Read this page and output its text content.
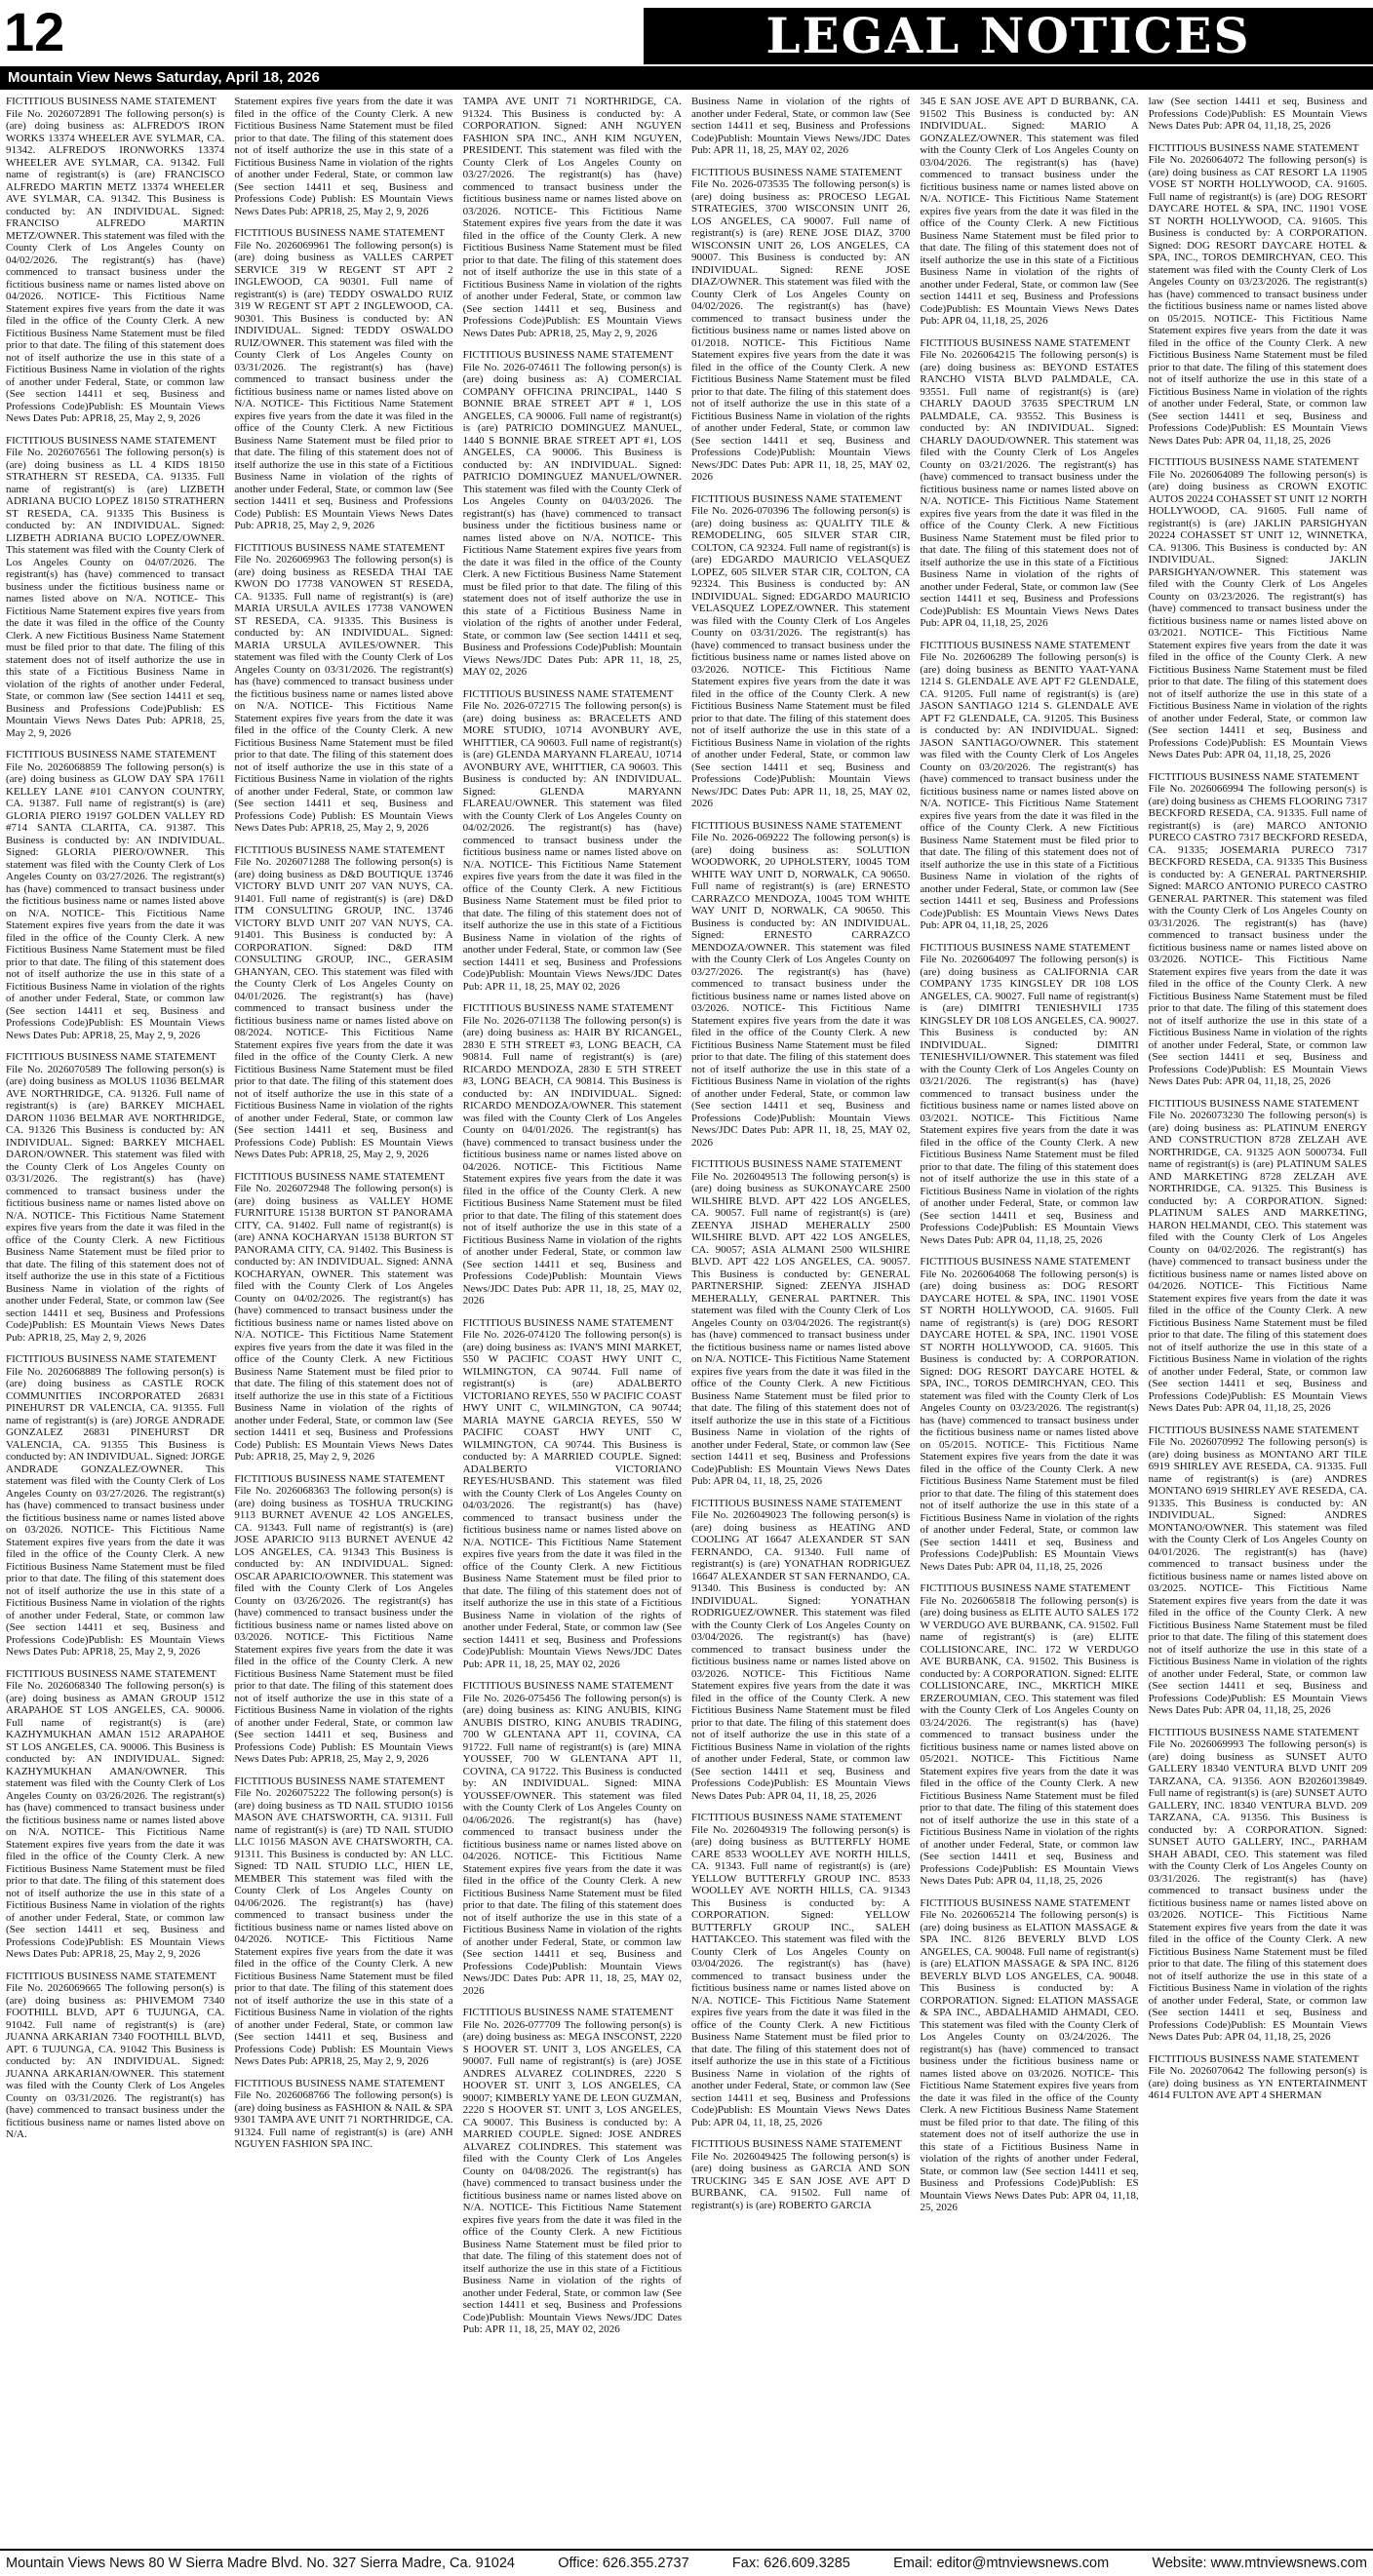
12	LEGAL NOTICES
Mountain View News Saturday, April 18, 2026
FICTITIOUS BUSINESS NAME STATEMENT
File No. 2026072891 The following person(s) is (are) doing business as: ALFREDO'S IRON WORKS 13374 WHEELER AVE SYLMAR, CA. 91342. ALFREDO'S IRONWORKS 13374 WHEELER AVE SYLMAR, CA. 91342. Full name of registrant(s) is (are) FRANCISCO ALFREDO MARTIN METZ 13374 WHEELER AVE SYLMAR, CA. 91342. This Business is conducted by: AN INDIVIDUAL. Signed: FRANCISO ALFREDO MARTIN METZ/OWNER. This statement was filed with the County Clerk of Los Angeles County on 04/02/2026. The registrant(s) has (have) commenced to transact business under the fictitious business name or names listed above on 04/2026. NOTICE- This Fictitious Name Statement expires five years from the date it was filed in the office of the County Clerk. A new Fictitious Business Name Statement must be filed prior to that date. The filing of this statement does not of itself authorize the use in this state of a Fictitious Business Name in violation of the rights of another under Federal, State, or common law (See section 14411 et seq, Business and Professions Code)Publish: ES Mountain Views News Dates Pub: APR18, 25, May 2, 9, 2026
FICTITIOUS BUSINESS NAME STATEMENT
File No. 2026076561 The following person(s) is (are) doing business as LL 4 KIDS 18150 STRATHERN ST RESEDA, CA. 91335. Full name of registrant(s) is (are) LIZBETH ADRIANA BUCIO LOPEZ 18150 STRATHERN ST RESEDA, CA. 91335 This Business is conducted by: AN INDIVIDUAL. Signed: LIZBETH ADRIANA BUCIO LOPEZ/OWNER. This statement was filed with the County Clerk of Los Angeles County on 04/07/2026. The registrant(s) has (have) commenced to transact business under the fictitious business name or names listed above on N/A. NOTICE- This Fictitious Name Statement expires five years from the date it was filed in the office of the County Clerk. A new Fictitious Business Name Statement must be filed prior to that date. The filing of this statement does not of itself authorize the use in this state of a Fictitious Business Name in violation of the rights of another under Federal, State, or common law (See section 14411 et seq, Business and Professions Code)Publish: ES Mountain Views News Dates Pub: APR18, 25, May 2, 9, 2026
FICTITIOUS BUSINESS NAME STATEMENT
File No. 2026068859 The following person(s) is (are) doing business as GLOW DAY SPA 17611 KELLEY LANE #101 CANYON COUNTRY, CA. 91387. Full name of registrant(s) is (are) GLORIA PIERO 19197 GOLDEN VALLEY RD #714 SANTA CLARITA, CA. 91387. This Business is conducted by: AN INDIVIDUAL. Signed: GLORIA PIERO/OWNER. This statement was filed with the County Clerk of Los Angeles County on 03/27/2026. The registrant(s) has (have) commenced to transact business under the fictitious business name or names listed above on N/A. NOTICE- This Fictitious Name Statement expires five years from the date it was filed in the office of the County Clerk. A new Fictitious Business Name Statement must be filed prior to that date. The filing of this statement does not of itself authorize the use in this state of a Fictitious Business Name in violation of the rights of another under Federal, State, or common law (See section 14411 et seq, Business and Professions Code)Publish: ES Mountain Views News Dates Pub: APR18, 25, May 2, 9, 2026
FICTITIOUS BUSINESS NAME STATEMENT
File No. 2026070589 The following person(s) is (are) doing business as MOLUS 11036 BELMAR AVE NORTHRIDGE, CA. 91326. Full name of registrant(s) is (are) BARKEY MICHAEL DARON 11036 BELMAR AVE NORTHRIDGE, CA. 91326 This Business is conducted by: AN INDIVIDUAL. Signed: BARKEY MICHAEL DARON/OWNER. This statement was filed with the County Clerk of Los Angeles County on 03/31/2026. The registrant(s) has (have) commenced to transact business under the fictitious business name or names listed above on N/A. NOTICE- This Fictitious Name Statement expires five years from the date it was filed in the office of the County Clerk. A new Fictitious Business Name Statement must be filed prior to that date. The filing of this statement does not of itself authorize the use in this state of a Fictitious Business Name in violation of the rights of another under Federal, State, or common law (See section 14411 et seq, Business and Professions Code)Publish: ES Mountain Views News Dates Pub: APR18, 25, May 2, 9, 2026
FICTITIOUS BUSINESS NAME STATEMENT
File No. 2026068889 The following person(s) is (are) doing business as CASTLE ROCK COMMUNITIES INCORPORATED 26831 PINEHURST DR VALENCIA, CA. 91355. Full name of registrant(s) is (are) JORGE ANDRADE GONZALEZ 26831 PINEHURST DR VALENCIA, CA. 91355 This Business is conducted by: AN INDIVIDUAL. Signed: JORGE ANDRADE GONZALEZ/OWNER. This statement was filed with the County Clerk of Los Angeles County on 03/27/2026. The registrant(s) has (have) commenced to transact business under the fictitious business name or names listed above on 03/2026. NOTICE- This Fictitious Name Statement expires five years from the date it was filed in the office of the County Clerk. A new Fictitious Business Name Statement must be filed prior to that date. The filing of this statement does not of itself authorize the use in this state of a Fictitious Business Name in violation of the rights of another under Federal, State, or common law (See section 14411 et seq, Business and Professions Code)Publish: ES Mountain Views News Dates Pub: APR18, 25, May 2, 9, 2026
FICTITIOUS BUSINESS NAME STATEMENT
File No. 2026068340 The following person(s) is (are) doing business as AMAN GROUP 1512 ARAPAHOE ST LOS ANGELES, CA. 90006. Full name of registrant(s) is (are) KAZHYMUKHAN AMAN 1512 ARAPAHOE ST LOS ANGELES, CA. 90006. This Business is conducted by: AN INDIVIDUAL. Signed: KAZHYMUKHAN AMAN/OWNER. This statement was filed with the County Clerk of Los Angeles County on 03/26/2026. The registrant(s) has (have) commenced to transact business under the fictitious business name or names listed above on N/A. NOTICE- This Fictitious Name Statement expires five years from the date it was filed in the office of the County Clerk. A new Fictitious Business Name Statement must be filed prior to that date. The filing of this statement does not of itself authorize the use in this state of a Fictitious Business Name in violation of the rights of another under Federal, State, or common law (See section 14411 et seq, Business and Professions Code)Publish: ES Mountain Views News Dates Pub: APR18, 25, May 2, 9, 2026
FICTITIOUS BUSINESS NAME STATEMENT
File No. 2026069665 The following person(s) is (are) doing business as: PHIVEMOM 7340 FOOTHILL BLVD, APT 6 TUJUNGA, CA. 91042. Full name of registrant(s) is (are) JUANNA ARKARIAN 7340 FOOTHILL BLVD, APT. 6 TUJUNGA, CA. 91042 This Business is conducted by: AN INDIVIDUAL. Signed: JUANNA ARKARIAN/OWNER. This statement was filed with the County Clerk of Los Angeles County on 03/31/2026. The registrant(s) has (have) commenced to transact business under the fictitious business name or names listed above on N/A.
Statement expires five years from the date it was filed in the office of the County Clerk. A new Fictitious Business Name Statement must be filed prior to that date. The filing of this statement does not of itself authorize the use in this state of a Fictitious Business Name in violation of the rights of another under Federal, State, or common law (See section 14411 et seq, Business and Professions Code) Publish: ES Mountain Views News Dates Pub: APR18, 25, May 2, 9, 2026
FICTITIOUS BUSINESS NAME STATEMENT
File No. 2026069961 The following person(s) is (are) doing business as VALLES CARPET SERVICE 319 W REGENT ST APT 2 INGLEWOOD, CA 90301. Full name of registrant(s) is (are) TEDDY OSWALDO RUIZ 319 W REGENT ST APT 2 INGLEWOOD, CA. 90301. This Business is conducted by: AN INDIVIDUAL. Signed: TEDDY OSWALDO RUIZ/OWNER. This statement was filed with the County Clerk of Los Angeles County on 03/31/2026. The registrant(s) has (have) commenced to transact business under the fictitious business name or names listed above on N/A. NOTICE- This Fictitious Name Statement expires five years from the date it was filed in the office of the County Clerk. A new Fictitious Business Name Statement must be filed prior to that date. The filing of this statement does not of itself authorize the use in this state of a Fictitious Business Name in violation of the rights of another under Federal, State, or common law (See section 14411 et seq, Business and Professions Code) Publish: ES Mountain Views News Dates Pub: APR18, 25, May 2, 9, 2026
FICTITIOUS BUSINESS NAME STATEMENT
File No. 2026069963 The following person(s) is (are) doing business as RESEDA THAI TAE KWON DO 17738 VANOWEN ST RESEDA, CA. 91335. Full name of registrant(s) is (are) MARIA URSULA AVILES 17738 VANOWEN ST RESEDA, CA. 91335. This Business is conducted by: AN INDIVIDUAL. Signed: MARIA URSULA AVILES/OWNER. This statement was filed with the County Clerk of Los Angeles County on 03/31/2026. The registrant(s) has (have) commenced to transact business under the fictitious business name or names listed above on N/A. NOTICE- This Fictitious Name Statement expires five years from the date it was filed in the office of the County Clerk. A new Fictitious Business Name Statement must be filed prior to that date. The filing of this statement does not of itself authorize the use in this state of a Fictitious Business Name in violation of the rights of another under Federal, State, or common law (See section 14411 et seq, Business and Professions Code) Publish: ES Mountain Views News Dates Pub: APR18, 25, May 2, 9, 2026
FICTITIOUS BUSINESS NAME STATEMENT
File No. 2026071288 The following person(s) is (are) doing business as D&D BOUTIQUE 13746 VICTORY BLVD UNIT 207 VAN NUYS, CA. 91401. Full name of registrant(s) is (are) D&D ITM CONSULTING GROUP, INC. 13746 VICTORY BLVD UNIT 207 VAN NUYS, CA. 91401. This Business is conducted by: A CORPORATION. Signed: D&D ITM CONSULTING GROUP, INC., GERASIM GHANYAN, CEO. This statement was filed with the County Clerk of Los Angeles County on 04/01/2026. The registrant(s) has (have) commenced to transact business under the fictitious business name or names listed above on 08/2024. NOTICE- This Fictitious Name Statement expires five years from the date it was filed in the office of the County Clerk. A new Fictitious Business Name Statement must be filed prior to that date. The filing of this statement does not of itself authorize the use in this state of a Fictitious Business Name in violation of the rights of another under Federal, State, or common law (See section 14411 et seq, Business and Professions Code) Publish: ES Mountain Views News Dates Pub: APR18, 25, May 2, 9, 2026
FICTITIOUS BUSINESS NAME STATEMENT
File No. 2026072948 The following person(s) is (are) doing business as VALLEY HOME FURNITURE 15138 BURTON ST PANORAMA CITY, CA. 91402. Full name of registrant(s) is (are) ANNA KOCHARYAN 15138 BURTON ST PANORAMA CITY, CA. 91402. This Business is conducted by: AN INDIVIDUAL. Signed: ANNA KOCHARYAN, OWNER. This statement was filed with the County Clerk of Los Angeles County on 04/02/2026. The registrant(s) has (have) commenced to transact business under the fictitious business name or names listed above on N/A. NOTICE- This Fictitious Name Statement expires five years from the date it was filed in the office of the County Clerk. A new Fictitious Business Name Statement must be filed prior to that date. The filing of this statement does not of itself authorize the use in this state of a Fictitious Business Name in violation of the rights of another under Federal, State, or common law (See section 14411 et seq, Business and Professions Code) Publish: ES Mountain Views News Dates Pub: APR18, 25, May 2, 9, 2026
FICTITIOUS BUSINESS NAME STATEMENT
File No. 2026068363 The following person(s) is (are) doing business as TOSHUA TRUCKING 9113 BURNET AVENUE 42 LOS ANGELES, CA. 91343. Full name of registrant(s) is (are) JOSE APARICIO 9113 BURNET AVENUE 42 LOS ANGELES, CA. 91343 This Business is conducted by: AN INDIVIDUAL. Signed: OSCAR APARICIO/OWNER. This statement was filed with the County Clerk of Los Angeles County on 03/26/2026. The registrant(s) has (have) commenced to transact business under the fictitious business name or names listed above on 03/2026. NOTICE- This Fictitious Name Statement expires five years from the date it was filed in the office of the County Clerk. A new Fictitious Business Name Statement must be filed prior to that date. The filing of this statement does not of itself authorize the use in this state of a Fictitious Business Name in violation of the rights of another under Federal, State, or common law (See section 14411 et seq, Business and Professions Code) Publish: ES Mountain Views News Dates Pub: APR18, 25, May 2, 9, 2026
FICTITIOUS BUSINESS NAME STATEMENT
File No. 2026075222 The following person(s) is (are) doing business as TD NAIL STUDIO 10156 MASON AVE CHATSWORTH, CA. 91311. Full name of registrant(s) is (are) TD NAIL STUDIO LLC 10156 MASON AVE CHATSWORTH, CA. 91311. This Business is conducted by: AN LLC. Signed: TD NAIL STUDIO LLC, HIEN LE, MEMBER This statement was filed with the County Clerk of Los Angeles County on 04/06/2026. The registrant(s) has (have) commenced to transact business under the fictitious business name or names listed above on 04/2026. NOTICE- This Fictitious Name Statement expires five years from the date it was filed in the office of the County Clerk. A new Fictitious Business Name Statement must be filed prior to that date. The filing of this statement does not of itself authorize the use in this state of a Fictitious Business Name in violation of the rights of another under Federal, State, or common law (See section 14411 et seq, Business and Professions Code) Publish: ES Mountain Views News Dates Pub: APR18, 25, May 2, 9, 2026
FICTITIOUS BUSINESS NAME STATEMENT
File No. 2026068766 The following person(s) is (are) doing business as FASHION & NAIL & SPA 9301 TAMPA AVE UNIT 71 NORTHRIDGE, CA. 91324. Full name of registrant(s) is (are) ANH NGUYEN FASHION SPA INC.
TAMPA AVE UNIT 71 NORTHRIDGE, CA. 91324. This Business is conducted by: A CORPORATION. Signed: ANH NGUYEN FASHION SPA INC., ANH KIM NGUYEN, PRESIDENT. This statement was filed with the County Clerk of Los Angeles County on 03/27/2026. The registrant(s) has (have) commenced to transact business under the fictitious business name or names listed above on 03/2026. NOTICE- This Fictitious Name Statement expires five years from the date it was filed in the office of the County Clerk. A new Fictitious Business Name Statement must be filed prior to that date. The filing of this statement does not of itself authorize the use in this state of a Fictitious Business Name in violation of the rights of another under Federal, State, or common law (See section 14411 et seq, Business and Professions Code)Publish: ES Mountain Views News Dates Pub: APR18, 25, May 2, 9, 2026
FICTITIOUS BUSINESS NAME STATEMENT
File No. 2026-074611 The following person(s) is (are) doing business as: A) COMERCIAL COMPANY OFFICINA PRINCIPAL, 1440 S BONNIE BRAE STREET APT # 1, LOS ANGELES, CA 90006. Full name of registrant(s) is (are) PATRICIO DOMINGUEZ MANUEL, 1440 S BONNIE BRAE STREET APT #1, LOS ANGELES, CA 90006. This Business is conducted by: AN INDIVIDUAL. Signed: PATRICIO DOMINGUEZ MANUEL/OWNER. This statement was filed with the County Clerk of Los Angeles County on 04/03/2026. The registrant(s) has (have) commenced to transact business under the fictitious business name or names listed above on N/A. NOTICE- This Fictitious Name Statement expires five years from the date it was filed in the office of the County Clerk. A new Fictitious Business Name Statement must be filed prior to that date. The filing of this statement does not of itself authorize the use in this state of a Fictitious Business Name in violation of the rights of another under Federal, State, or common law (See section 14411 et seq, Business and Professions Code)Publish: Mountain Views News/JDC Dates Pub: APR 11, 18, 25, MAY 02, 2026
FICTITIOUS BUSINESS NAME STATEMENT
File No. 2026-072715 The following person(s) is (are) doing business as: BRACELETS AND MORE STUDIO, 10714 AVONBURY AVE, WHITTIER, CA 90603. Full name of registrant(s) is (are) GLENDA MARYANN FLAREAU, 10714 AVONBURY AVE, WHITTIER, CA 90603. This Business is conducted by: AN INDIVIDUAL. Signed: GLENDA MARYANN FLAREAU/OWNER. This statement was filed with the County Clerk of Los Angeles County on 04/02/2026. The registrant(s) has (have) commenced to transact business under the fictitious business name or names listed above on N/A. NOTICE- This Fictitious Name Statement expires five years from the date it was filed in the office of the County Clerk. A new Fictitious Business Name Statement must be filed prior to that date. The filing of this statement does not of itself authorize the use in this state of a Fictitious Business Name in violation of the rights of another under Federal, State, or common law (See section 14411 et seq, Business and Professions Code)Publish: Mountain Views News/JDC Dates Pub: APR 11, 18, 25, MAY 02, 2026
FICTITIOUS BUSINESS NAME STATEMENT
File No. 2026-071138 The following person(s) is (are) doing business as: HAIR BY RICANGEL, 2830 E 5TH STREET #3, LONG BEACH, CA 90814. Full name of registrant(s) is (are) RICARDO MENDOZA, 2830 E 5TH STREET #3, LONG BEACH, CA 90814. This Business is conducted by: AN INDIVIDUAL. Signed: RICARDO MENDOZA/OWNER. This statement was filed with the County Clerk of Los Angeles County on 04/01/2026. The registrant(s) has (have) commenced to transact business under the fictitious business name or names listed above on 04/2026. NOTICE- This Fictitious Name Statement expires five years from the date it was filed in the office of the County Clerk. A new Fictitious Business Name Statement must be filed prior to that date. The filing of this statement does not of itself authorize the use in this state of a Fictitious Business Name in violation of the rights of another under Federal, State, or common law (See section 14411 et seq, Business and Professions Code)Publish: Mountain Views News/JDC Dates Pub: APR 11, 18, 25, MAY 02, 2026
FICTITIOUS BUSINESS NAME STATEMENT
File No. 2026-074120 The following person(s) is (are) doing business as: IVAN'S MINI MARKET, 550 W PACIFIC COAST HWY UNIT C, WILMINGTON, CA 90744. Full name of registrant(s) is (are) ADALBERTO VICTORIANO REYES, 550 W PACIFIC COAST HWY UNIT C, WILMINGTON, CA 90744; MARIA MAYNE GARCIA REYES, 550 W PACIFIC COAST HWY UNIT C, WILMINGTON, CA 90744. This Business is conducted by: A MARRIED COUPLE. Signed: ADALBERTO VICTORIANO REYES/HUSBAND. This statement was filed with the County Clerk of Los Angeles County on 04/03/2026. The registrant(s) has (have) commenced to transact business under the fictitious business name or names listed above on N/A. NOTICE- This Fictitious Name Statement expires five years from the date it was filed in the office of the County Clerk. A new Fictitious Business Name Statement must be filed prior to that date. The filing of this statement does not of itself authorize the use in this state of a Fictitious Business Name in violation of the rights of another under Federal, State, or common law (See section 14411 et seq, Business and Professions Code)Publish: Mountain Views News/JDC Dates Pub: APR 11, 18, 25, MAY 02, 2026
FICTITIOUS BUSINESS NAME STATEMENT
File No. 2026-075456 The following person(s) is (are) doing business as: KING ANUBIS, KING ANUBIS DISTRO, KING ANUBIS TRADING, 700 W GLENTANA APT 11, COVINA, CA 91722. Full name of registrant(s) is (are) MINA YOUSSEF, 700 W GLENTANA APT 11, COVINA, CA 91722. This Business is conducted by: AN INDIVIDUAL. Signed: MINA YOUSSEF/OWNER. This statement was filed with the County Clerk of Los Angeles County on 04/06/2026. The registrant(s) has (have) commenced to transact business under the fictitious business name or names listed above on 04/2026. NOTICE- This Fictitious Name Statement expires five years from the date it was filed in the office of the County Clerk. A new Fictitious Business Name Statement must be filed prior to that date. The filing of this statement does not of itself authorize the use in this state of a Fictitious Business Name in violation of the rights of another under Federal, State, or common law (See section 14411 et seq, Business and Professions Code)Publish: Mountain Views News/JDC Dates Pub: APR 11, 18, 25, MAY 02, 2026
FICTITIOUS BUSINESS NAME STATEMENT
File No. 2026-077709 The following person(s) is (are) doing business as: MEGA INSCONST, 2220 S HOOVER ST. UNIT 3, LOS ANGELES, CA 90007. Full name of registrant(s) is (are) JOSE ANDRES ALVAREZ COLINDRES, 2220 S HOOVER ST. UNIT 3, LOS ANGELES, CA 90007; KIMBERLY YANE DE LEON GUZMAN, 2220 S HOOVER ST. UNIT 3, LOS ANGELES, CA 90007. This Business is conducted by: A MARRIED COUPLE. Signed: JOSE ANDRES ALVAREZ COLINDRES. This statement was filed with the County Clerk of Los Angeles County on 04/08/2026. The registrant(s) has (have) commenced to transact business under the fictitious business name or names listed above on N/A. NOTICE- This Fictitious Name Statement expires five years from the date it was filed in the office of the County Clerk. A new Fictitious Business Name Statement must be filed prior to that date. The filing of this statement does not of itself authorize the use in this state of a Fictitious Business Name in violation of the rights of another under Federal, State, or common law (See section 14411 et seq, Business and Professions Code)Publish: Mountain Views News/JDC Dates Pub: APR 11, 18, 25, MAY 02, 2026
Business Name in violation of the rights of another under Federal, State, or common law (See section 14411 et seq, Business and Professions Code)Publish: Mountain Views News/JDC Dates Pub: APR 11, 18, 25, MAY 02, 2026
FICTITIOUS BUSINESS NAME STATEMENT
File No. 2026-073535 The following person(s) is (are) doing business as: PROCESO LEGAL STRATEGIES, 3700 WISCONSIN UNIT 26, LOS ANGELES, CA 90007. Full name of registrant(s) is (are) RENE JOSE DIAZ, 3700 WISCONSIN UNIT 26, LOS ANGELES, CA 90007. This Business is conducted by: AN INDIVIDUAL. Signed: RENE JOSE DIAZ/OWNER. This statement was filed with the County Clerk of Los Angeles County on 04/02/2026. The registrant(s) has (have) commenced to transact business under the fictitious business name or names listed above on 01/2018. NOTICE- This Fictitious Name Statement expires five years from the date it was filed in the office of the County Clerk. A new Fictitious Business Name Statement must be filed prior to that date. The filing of this statement does not of itself authorize the use in this state of a Fictitious Business Name in violation of the rights of another under Federal, State, or common law (See section 14411 et seq, Business and Professions Code)Publish: Mountain Views News/JDC Dates Pub: APR 11, 18, 25, MAY 02, 2026
FICTITIOUS BUSINESS NAME STATEMENT
File No. 2026-070396 The following person(s) is (are) doing business as: QUALITY TILE & REMODELING, 605 SILVER STAR CIR, COLTON, CA 92324. Full name of registrant(s) is (are) EDGARDO MAURICIO VELASQUEZ LOPEZ, 605 SILVER STAR CIR, COLTON, CA 92324. This Business is conducted by: AN INDIVIDUAL. Signed: EDGARDO MAURICIO VELASQUEZ LOPEZ/OWNER. This statement was filed with the County Clerk of Los Angeles County on 03/31/2026. The registrant(s) has (have) commenced to transact business under the fictitious business name or names listed above on 03/2026. NOTICE- This Fictitious Name Statement expires five years from the date it was filed in the office of the County Clerk. A new Fictitious Business Name Statement must be filed prior to that date. The filing of this statement does not of itself authorize the use in this state of a Fictitious Business Name in violation of the rights of another under Federal, State, or common law (See section 14411 et seq, Business and Professions Code)Publish: Mountain Views News/JDC Dates Pub: APR 11, 18, 25, MAY 02, 2026
FICTITIOUS BUSINESS NAME STATEMENT
File No. 2026-069222 The following person(s) is (are) doing business as: SOLUTION WOODWORK, 20 UPHOLSTERY, 10045 TOM WHITE WAY UNIT D, NORWALK, CA 90650. Full name of registrant(s) is (are) ERNESTO CARRAZCO MENDOZA, 10045 TOM WHITE WAY UNIT D, NORWALK, CA 90650. This Business is conducted by: AN INDIVIDUAL. Signed: ERNESTO CARRAZCO MENDOZA/OWNER. This statement was filed with the County Clerk of Los Angeles County on 03/27/2026. The registrant(s) has (have) commenced to transact business under the fictitious business name or names listed above on 03/2026. NOTICE- This Fictitious Name Statement expires five years from the date it was filed in the office of the County Clerk. A new Fictitious Business Name Statement must be filed prior to that date. The filing of this statement does not of itself authorize the use in this state of a Fictitious Business Name in violation of the rights of another under Federal, State, or common law (See section 14411 et seq, Business and Professions Code)Publish: Mountain Views News/JDC Dates Pub: APR 11, 18, 25, MAY 02, 2026
FICTITIOUS BUSINESS NAME STATEMENT
File No. 2026049513 The following person(s) is (are) doing business as SUKONAYCARE 2500 WILSHIRE BLVD. APT 422 LOS ANGELES, CA. 90057. Full name of registrant(s) is (are) ZEENYA JISHAD MEHERALLY 2500 WILSHIRE BLVD. APT 422 LOS ANGELES, CA. 90057; ASIA ALMANI 2500 WILSHIRE BLVD. APT 422 LOS ANGELES, CA. 90057. This Business is conducted by: GENERAL PARTNERSHIP. Signed: ZEENYA JISHAD MEHERALLY, GENERAL PARTNER. This statement was filed with the County Clerk of Los Angeles County on 03/04/2026. The registrant(s) has (have) commenced to transact business under the fictitious business name or names listed above on N/A. NOTICE- This Fictitious Name Statement expires five years from the date it was filed in the office of the County Clerk. A new Fictitious Business Name Statement must be filed prior to that date. The filing of this statement does not of itself authorize the use in this state of a Fictitious Business Name in violation of the rights of another under Federal, State, or common law (See section 14411 et seq, Business and Professions Code)Publish: ES Mountain Views News Dates Pub: APR 04, 11, 18, 25, 2026
FICTITIOUS BUSINESS NAME STATEMENT
File No. 2026049023 The following person(s) is (are) doing business as HEATING AND COOLING AT 16647 ALEXANDER ST SAN FERNANDO, CA. 91340. Full name of registrant(s) is (are) YONATHAN RODRIGUEZ 16647 ALEXANDER ST SAN FERNANDO, CA. 91340. This Business is conducted by: AN INDIVIDUAL. Signed: YONATHAN RODRIGUEZ/OWNER. This statement was filed with the County Clerk of Los Angeles County on 03/04/2026. The registrant(s) has (have) commenced to transact business under the fictitious business name or names listed above on 03/2026. NOTICE- This Fictitious Name Statement expires five years from the date it was filed in the office of the County Clerk. A new Fictitious Business Name Statement must be filed prior to that date. The filing of this statement does not of itself authorize the use in this state of a Fictitious Business Name in violation of the rights of another under Federal, State, or common law (See section 14411 et seq, Business and Professions Code)Publish: ES Mountain Views News Dates Pub: APR 04, 11, 18, 25, 2026
FICTITIOUS BUSINESS NAME STATEMENT
File No. 2026049319 The following person(s) is (are) doing business as BUTTERFLY HOME CARE 8533 WOOLLEY AVE NORTH HILLS, CA. 91343. Full name of registrant(s) is (are) YELLOW BUTTERFLY GROUP INC. 8533 WOOLLEY AVE NORTH HILLS, CA. 91343 This Business is conducted by: A CORPORATION. Signed: YELLOW BUTTERFLY GROUP INC., SALEH HATTAKCEO. This statement was filed with the County Clerk of Los Angeles County on 03/04/2026. The registrant(s) has (have) commenced to transact business under the fictitious business name or names listed above on N/A. NOTICE- This Fictitious Name Statement expires five years from the date it was filed in the office of the County Clerk. A new Fictitious Business Name Statement must be filed prior to that date. The filing of this statement does not of itself authorize the use in this state of a Fictitious Business Name in violation of the rights of another under Federal, State, or common law (See section 14411 et seq, Business and Professions Code)Publish: ES Mountain Views News Dates Pub: APR 04, 11, 18, 25, 2026
FICTITIOUS BUSINESS NAME STATEMENT
File No. 2026049425 The following person(s) is (are) doing business as GARCIA AND SON TRUCKING 345 E SAN JOSE AVE APT D BURBANK, CA. 91502. Full name of registrant(s) is (are) ROBERTO GARCIA
345 E SAN JOSE AVE APT D BURBANK, CA. 91502 This Business is conducted by: AN INDIVIDUAL. Signed: MARIO A GONZALEZ/OWNER. This statement was filed with the County Clerk of Los Angeles County on 03/04/2026. The registrant(s) has (have) commenced to transact business under the fictitious business name or names listed above on N/A. NOTICE- This Fictitious Name Statement expires five years from the date it was filed in the office of the County Clerk. A new Fictitious Business Name Statement must be filed prior to that date. The filing of this statement does not of itself authorize the use in this state of a Fictitious Business Name in violation of the rights of another under Federal, State, or common law (See section 14411 et seq, Business and Professions Code)Publish: ES Mountain Views News Dates Pub: APR 04, 11,18, 25, 2026
FICTITIOUS BUSINESS NAME STATEMENT
File No. 2026064215 The following person(s) is (are) doing business as: BEYOND ESTATES RANCHO VISTA BLVD PALMDALE, CA. 93551. Full name of registrant(s) is (are) CHARLY DAOUD 37635 SPECTRUM LN PALMDALE, CA. 93552. This Business is conducted by: AN INDIVIDUAL. Signed: CHARLY DAOUD/OWNER. This statement was filed with the County Clerk of Los Angeles County on 03/21/2026. The registrant(s) has (have) commenced to transact business under the fictitious business name or names listed above on N/A. NOTICE- This Fictitious Name Statement expires five years from the date it was filed in the office of the County Clerk. A new Fictitious Business Name Statement must be filed prior to that date. The filing of this statement does not of itself authorize the use in this state of a Fictitious Business Name in violation of the rights of another under Federal, State, or common law (See section 14411 et seq, Business and Professions Code)Publish: ES Mountain Views News Dates Pub: APR 04, 11,18, 25, 2026
FICTITIOUS BUSINESS NAME STATEMENT
File No. 202606289 The following person(s) is (are) doing business as BENITO YAAT-YANA 1214 S. GLENDALE AVE APT F2 GLENDALE, CA. 91205. Full name of registrant(s) is (are) JASON SANTIAGO 1214 S. GLENDALE AVE APT F2 GLENDALE, CA. 91205. This Business is conducted by: AN INDIVIDUAL. Signed: JASON SANTIAGO/OWNER. This statement was filed with the County Clerk of Los Angeles County on 03/20/2026. The registrant(s) has (have) commenced to transact business under the fictitious business name or names listed above on N/A. NOTICE- This Fictitious Name Statement expires five years from the date it was filed in the office of the County Clerk. A new Fictitious Business Name Statement must be filed prior to that date. The filing of this statement does not of itself authorize the use in this state of a Fictitious Business Name in violation of the rights of another under Federal, State, or common law (See section 14411 et seq, Business and Professions Code)Publish: ES Mountain Views News Dates Pub: APR 04, 11,18, 25, 2026
FICTITIOUS BUSINESS NAME STATEMENT
File No. 2026064097 The following person(s) is (are) doing business as CALIFORNIA CAR COMPANY 1735 KINGSLEY DR 108 LOS ANGELES, CA. 90027. Full name of registrant(s) is (are) DIMITRI TENIESHVILI 1735 KINGSLEY DR 108 LOS ANGELES, CA. 90027. This Business is conducted by: AN INDIVIDUAL. Signed: DIMITRI TENIESHVILI/OWNER. This statement was filed with the County Clerk of Los Angeles County on 03/21/2026. The registrant(s) has (have) commenced to transact business under the fictitious business name or names listed above on 03/2021. NOTICE- This Fictitious Name Statement expires five years from the date it was filed in the office of the County Clerk. A new Fictitious Business Name Statement must be filed prior to that date. The filing of this statement does not of itself authorize the use in this state of a Fictitious Business Name in violation of the rights of another under Federal, State, or common law (See section 14411 et seq, Business and Professions Code)Publish: ES Mountain Views News Dates Pub: APR 04, 11,18, 25, 2026
FICTITIOUS BUSINESS NAME STATEMENT
File No. 2026064068 The following person(s) is (are) doing business as: DOG RESORT DAYCARE HOTEL & SPA, INC. 11901 VOSE ST NORTH HOLLYWOOD, CA. 91605. Full name of registrant(s) is (are) DOG RESORT DAYCARE HOTEL & SPA, INC. 11901 VOSE ST NORTH HOLLYWOOD, CA. 91605. This Business is conducted by: A CORPORATION. Signed: DOG RESORT DAYCARE HOTEL & SPA, INC., TOROS DEMIRCHYAN, CEO. This statement was filed with the County Clerk of Los Angeles County on 03/23/2026. The registrant(s) has (have) commenced to transact business under the fictitious business name or names listed above on 05/2015. NOTICE- This Fictitious Name Statement expires five years from the date it was filed in the office of the County Clerk. A new Fictitious Business Name Statement must be filed prior to that date. The filing of this statement does not of itself authorize the use in this state of a Fictitious Business Name in violation of the rights of another under Federal, State, or common law (See section 14411 et seq, Business and Professions Code)Publish: ES Mountain Views News Dates Pub: APR 04, 11,18, 25, 2026
FICTITIOUS BUSINESS NAME STATEMENT
File No. 2026065818 The following person(s) is (are) doing business as ELITE AUTO SALES 172 W VERDUGO AVE BURBANK, CA. 91502. Full name of registrant(s) is (are) ELITE COLLISIONCARE, INC. 172 W VERDUGO AVE BURBANK, CA. 91502. This Business is conducted by: A CORPORATION. Signed: ELITE COLLISIONCARE, INC., MKRTICH MIKE ERZEROUMIAN, CEO. This statement was filed with the County Clerk of Los Angeles County on 03/24/2026. The registrant(s) has (have) commenced to transact business under the fictitious business name or names listed above on 05/2021. NOTICE- This Fictitious Name Statement expires five years from the date it was filed in the office of the County Clerk. A new Fictitious Business Name Statement must be filed prior to that date. The filing of this statement does not of itself authorize the use in this state of a Fictitious Business Name in violation of the rights of another under Federal, State, or common law (See section 14411 et seq, Business and Professions Code)Publish: ES Mountain Views News Dates Pub: APR 04, 11,18, 25, 2026
FICTITIOUS BUSINESS NAME STATEMENT
File No. 2026065214 The following person(s) is (are) doing business as ELATION MASSAGE & SPA INC. 8126 BEVERLY BLVD LOS ANGELES, CA. 90048. Full name of registrant(s) is (are) ELATION MASSAGE & SPA INC. 8126 BEVERLY BLVD LOS ANGELES, CA. 90048. This Business is conducted by: A CORPORATION. Signed: ELATION MASSAGE & SPA INC., ABDALHAMID AHMADI, CEO. This statement was filed with the County Clerk of Los Angeles County on 03/24/2026. The registrant(s) has (have) commenced to transact business under the fictitious business name or names listed above on 03/2026. NOTICE- This Fictitious Name Statement expires five years from the date it was filed in the office of the County Clerk. A new Fictitious Business Name Statement must be filed prior to that date. The filing of this statement does not of itself authorize the use in this state of a Fictitious Business Name in violation of the rights of another under Federal, State, or common law (See section 14411 et seq, Business and Professions Code)Publish: ES Mountain Views News Dates Pub: APR 04, 11,18, 25, 2026
law (See section 14411 et seq, Business and Professions Code)Publish: ES Mountain Views News Dates Pub: APR 04, 11,18, 25, 2026
FICTITIOUS BUSINESS NAME STATEMENT
File No. 2026064072 The following person(s) is (are) doing business as CAT RESORT LA 11905 VOSE ST NORTH HOLLYWOOD, CA. 91605. Full name of registrant(s) is (are) DOG RESORT DAYCARE HOTEL & SPA, INC. 11901 VOSE ST NORTH HOLLYWOOD, CA. 91605. This Business is conducted by: A CORPORATION. Signed: DOG RESORT DAYCARE HOTEL & SPA, INC., TOROS DEMIRCHYAN, CEO. This statement was filed with the County Clerk of Los Angeles County on 03/23/2026. The registrant(s) has (have) commenced to transact business under the fictitious business name or names listed above on 05/2015. NOTICE- This Fictitious Name Statement expires five years from the date it was filed in the office of the County Clerk. A new Fictitious Business Name Statement must be filed prior to that date. The filing of this statement does not of itself authorize the use in this state of a Fictitious Business Name in violation of the rights of another under Federal, State, or common law (See section 14411 et seq, Business and Professions Code)Publish: ES Mountain Views News Dates Pub: APR 04, 11,18, 25, 2026
FICTITIOUS BUSINESS NAME STATEMENT
File No. 2026064089 The following person(s) is (are) doing business as CROWN EXOTIC AUTOS 20224 COHASSET ST UNIT 12 NORTH HOLLYWOOD, CA. 91605. Full name of registrant(s) is (are) JAKLIN PARSIGHYAN 20224 COHASSET ST UNIT 12, WINNETKA, CA. 91306. This Business is conducted by: AN INDIVIDUAL. Signed: JAKLIN PARSIGHYAN/OWNER. This statement was filed with the County Clerk of Los Angeles County on 03/23/2026. The registrant(s) has (have) commenced to transact business under the fictitious business name or names listed above on 03/2021. NOTICE- This Fictitious Name Statement expires five years from the date it was filed in the office of the County Clerk. A new Fictitious Business Name Statement must be filed prior to that date. The filing of this statement does not of itself authorize the use in this state of a Fictitious Business Name in violation of the rights of another under Federal, State, or common law (See section 14411 et seq, Business and Professions Code)Publish: ES Mountain Views News Dates Pub: APR 04, 11,18, 25, 2026
FICTITIOUS BUSINESS NAME STATEMENT
File No. 2026066994 The following person(s) is (are) doing business as CHEMS FLOORING 7317 BECKFORD RESEDA, CA. 91335. Full name of registrant(s) is (are) MARCO ANTONIO PURECO CASTRO 7317 BECKFORD RESEDA, CA. 91335; JOSEMARIA PURECO 7317 BECKFORD RESEDA, CA. 91335 This Business is conducted by: A GENERAL PARTNERSHIP. Signed: MARCO ANTONIO PURECO CASTRO GENERAL PARTNER. This statement was filed with the County Clerk of Los Angeles County on 03/31/2026. The registrant(s) has (have) commenced to transact business under the fictitious business name or names listed above on 03/2026. NOTICE- This Fictitious Name Statement expires five years from the date it was filed in the office of the County Clerk. A new Fictitious Business Name Statement must be filed prior to that date. The filing of this statement does not of itself authorize the use in this state of a Fictitious Business Name in violation of the rights of another under Federal, State, or common law (See section 14411 et seq, Business and Professions Code)Publish: ES Mountain Views News Dates Pub: APR 04, 11,18, 25, 2026
FICTITIOUS BUSINESS NAME STATEMENT
File No. 2026073230 The following person(s) is (are) doing business as: PLATINUM ENERGY AND CONSTRUCTION 8728 ZELZAH AVE NORTHRIDGE, CA. 91325 AON 5000734. Full name of registrant(s) is (are) PLATINUM SALES AND MARKETING 8728 ZELZAH AVE NORTHRIDGE, CA. 91325. This Business is conducted by: A CORPORATION. Signed: PLATINUM SALES AND MARKETING, HARON HELMANDI, CEO. This statement was filed with the County Clerk of Los Angeles County on 04/02/2026. The registrant(s) has (have) commenced to transact business under the fictitious business name or names listed above on 04/2026. NOTICE- This Fictitious Name Statement expires five years from the date it was filed in the office of the County Clerk. A new Fictitious Business Name Statement must be filed prior to that date. The filing of this statement does not of itself authorize the use in this state of a Fictitious Business Name in violation of the rights of another under Federal, State, or common law (See section 14411 et seq, Business and Professions Code)Publish: ES Mountain Views News Dates Pub: APR 04, 11,18, 25, 2026
FICTITIOUS BUSINESS NAME STATEMENT
File No. 2026070992 The following person(s) is (are) doing business as MONTANO ART TILE 6919 SHIRLEY AVE RESEDA, CA. 91335. Full name of registrant(s) is (are) ANDRES MONTANO 6919 SHIRLEY AVE RESEDA, CA. 91335. This Business is conducted by: AN INDIVIDUAL. Signed: ANDRES MONTANO/OWNER. This statement was filed with the County Clerk of Los Angeles County on 04/01/2026. The registrant(s) has (have) commenced to transact business under the fictitious business name or names listed above on 03/2025. NOTICE- This Fictitious Name Statement expires five years from the date it was filed in the office of the County Clerk. A new Fictitious Business Name Statement must be filed prior to that date. The filing of this statement does not of itself authorize the use in this state of a Fictitious Business Name in violation of the rights of another under Federal, State, or common law (See section 14411 et seq, Business and Professions Code)Publish: ES Mountain Views News Dates Pub: APR 04, 11,18, 25, 2026
FICTITIOUS BUSINESS NAME STATEMENT
File No. 2026069993 The following person(s) is (are) doing business as SUNSET AUTO GALLERY 18340 VENTURA BLVD UNIT 209 TARZANA, CA. 91356. AON B20260139849. Full name of registrant(s) is (are) SUNSET AUTO GALLERY, INC. 18340 VENTURA BLVD. 209 TARZANA, CA. 91356. This Business is conducted by: A CORPORATION. Signed: SUNSET AUTO GALLERY, INC., PARHAM SHAH ABADI, CEO. This statement was filed with the County Clerk of Los Angeles County on 03/31/2026. The registrant(s) has (have) commenced to transact business under the fictitious business name or names listed above on 03/2026. NOTICE- This Fictitious Name Statement expires five years from the date it was filed in the office of the County Clerk. A new Fictitious Business Name Statement must be filed prior to that date. The filing of this statement does not of itself authorize the use in this state of a Fictitious Business Name in violation of the rights of another under Federal, State, or common law (See section 14411 et seq, Business and Professions Code)Publish: ES Mountain Views News Dates Pub: APR 04, 11,18, 25, 2026
FICTITIOUS BUSINESS NAME STATEMENT
File No. 2026070642 The following person(s) is (are) doing business as YN ENTERTAINMENT 4614 FULTON AVE APT 4 SHERMAN
Mountain Views News 80 W Sierra Madre Blvd. No. 327 Sierra Madre, Ca. 91024	Office: 626.355.2737	Fax: 626.609.3285	Email: editor@mtnviewsnews.com	Website: www.mtnviewsnews.com
